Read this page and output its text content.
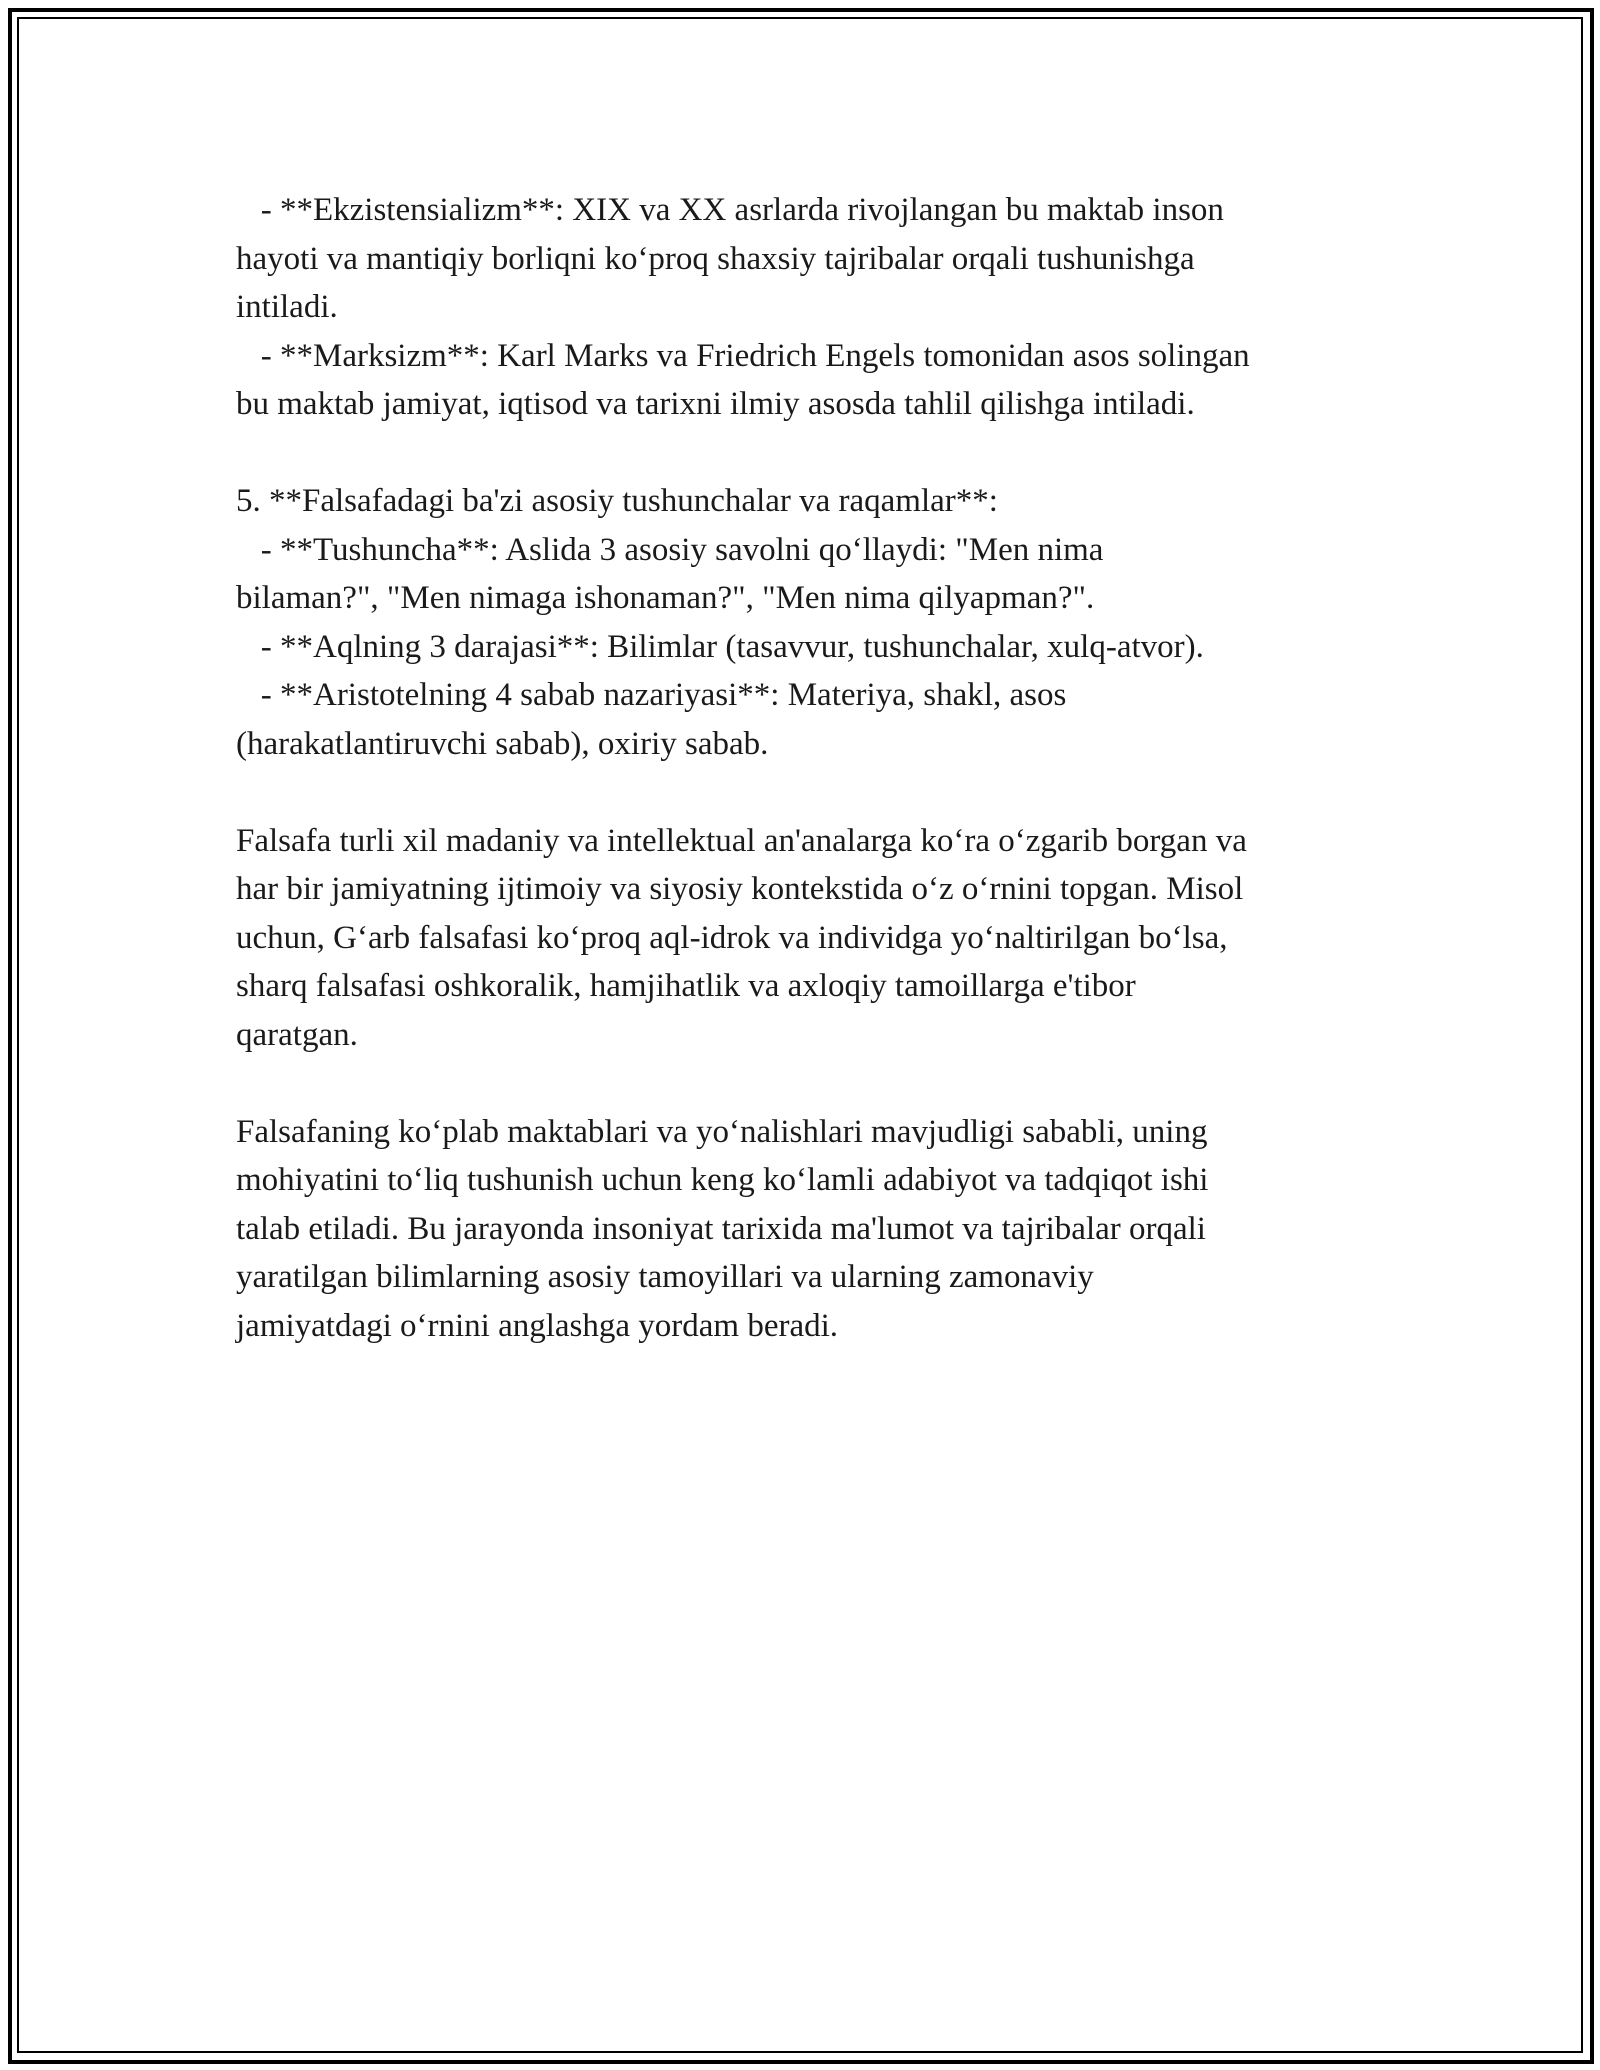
- **Ekzistensializm**: XIX va XX asrlarda rivojlangan bu maktab inson
hayoti va mantiqiy borliqni ko‘proq shaxsiy tajribalar orqali tushunishga
intiladi.
- **Marksizm**: Karl Marks va Friedrich Engels tomonidan asos solingan
bu maktab jamiyat, iqtisod va tarixni ilmiy asosda tahlil qilishga intiladi.
5. **Falsafadagi ba'zi asosiy tushunchalar va raqamlar**:
- **Tushuncha**: Aslida 3 asosiy savolni qo‘llaydi: "Men nima
bilaman?", "Men nimaga ishonaman?", "Men nima qilyapman?".
- **Aqlning 3 darajasi**: Bilimlar (tasavvur, tushunchalar, xulq-atvor).
- **Aristotelning 4 sabab nazariyasi**: Materiya, shakl, asos
(harakatlantiruvchi sabab), oxiriy sabab.
Falsafa turli xil madaniy va intellektual an'analarga ko‘ra o‘zgarib borgan va
har bir jamiyatning ijtimoiy va siyosiy kontekstida o‘z o‘rnini topgan. Misol
uchun, G‘arb falsafasi ko‘proq aql-idrok va individga yo‘naltirilgan bo‘lsa,
sharq falsafasi oshkoralik, hamjihatlik va axloqiy tamoillarga e'tibor
qaratgan.
Falsafaning ko‘plab maktablari va yo‘nalishlari mavjudligi sababli, uning
mohiyatini to‘liq tushunish uchun keng ko‘lamli adabiyot va tadqiqot ishi
talab etiladi. Bu jarayonda insoniyat tarixida ma'lumot va tajribalar orqali
yaratilgan bilimlarning asosiy tamoyillari va ularning zamonaviy
jamiyatdagi o‘rnini anglashga yordam beradi.
